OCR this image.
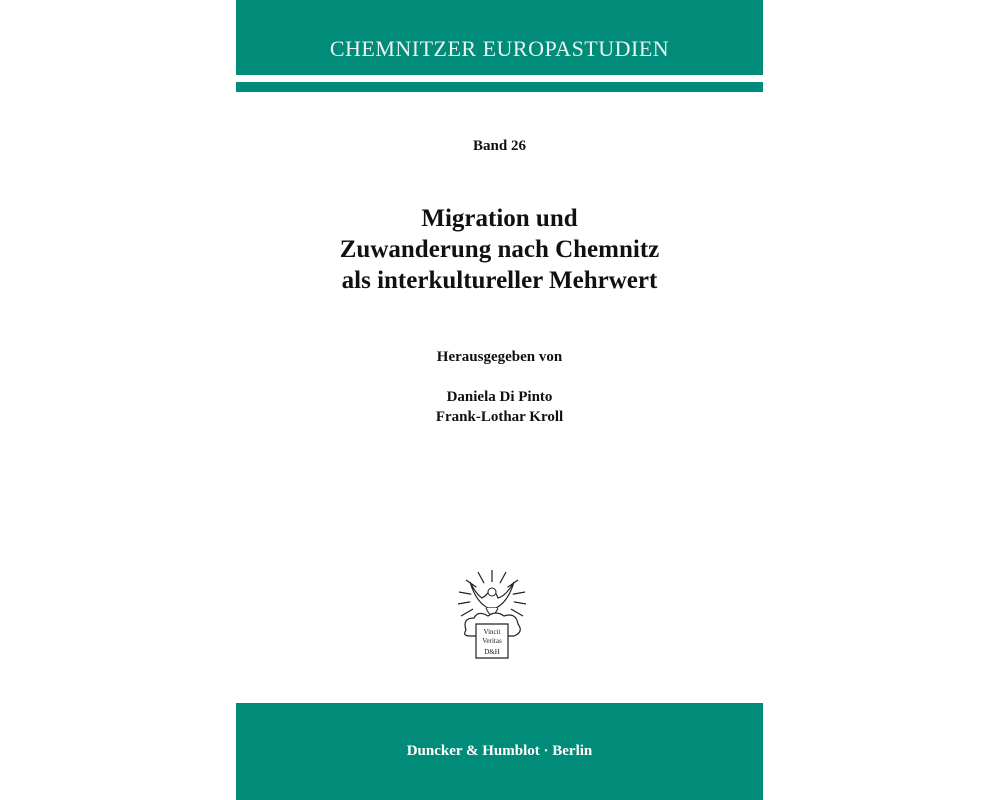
CHEMNITZER EUROPASTUDIEN
Band 26
Migration und
Zuwanderung nach Chemnitz
als interkultureller Mehrwert
Herausgegeben von
Daniela Di Pinto
Frank-Lothar Kroll
Vincit
Veritas
D&H
Duncker & Humblot · Berlin
